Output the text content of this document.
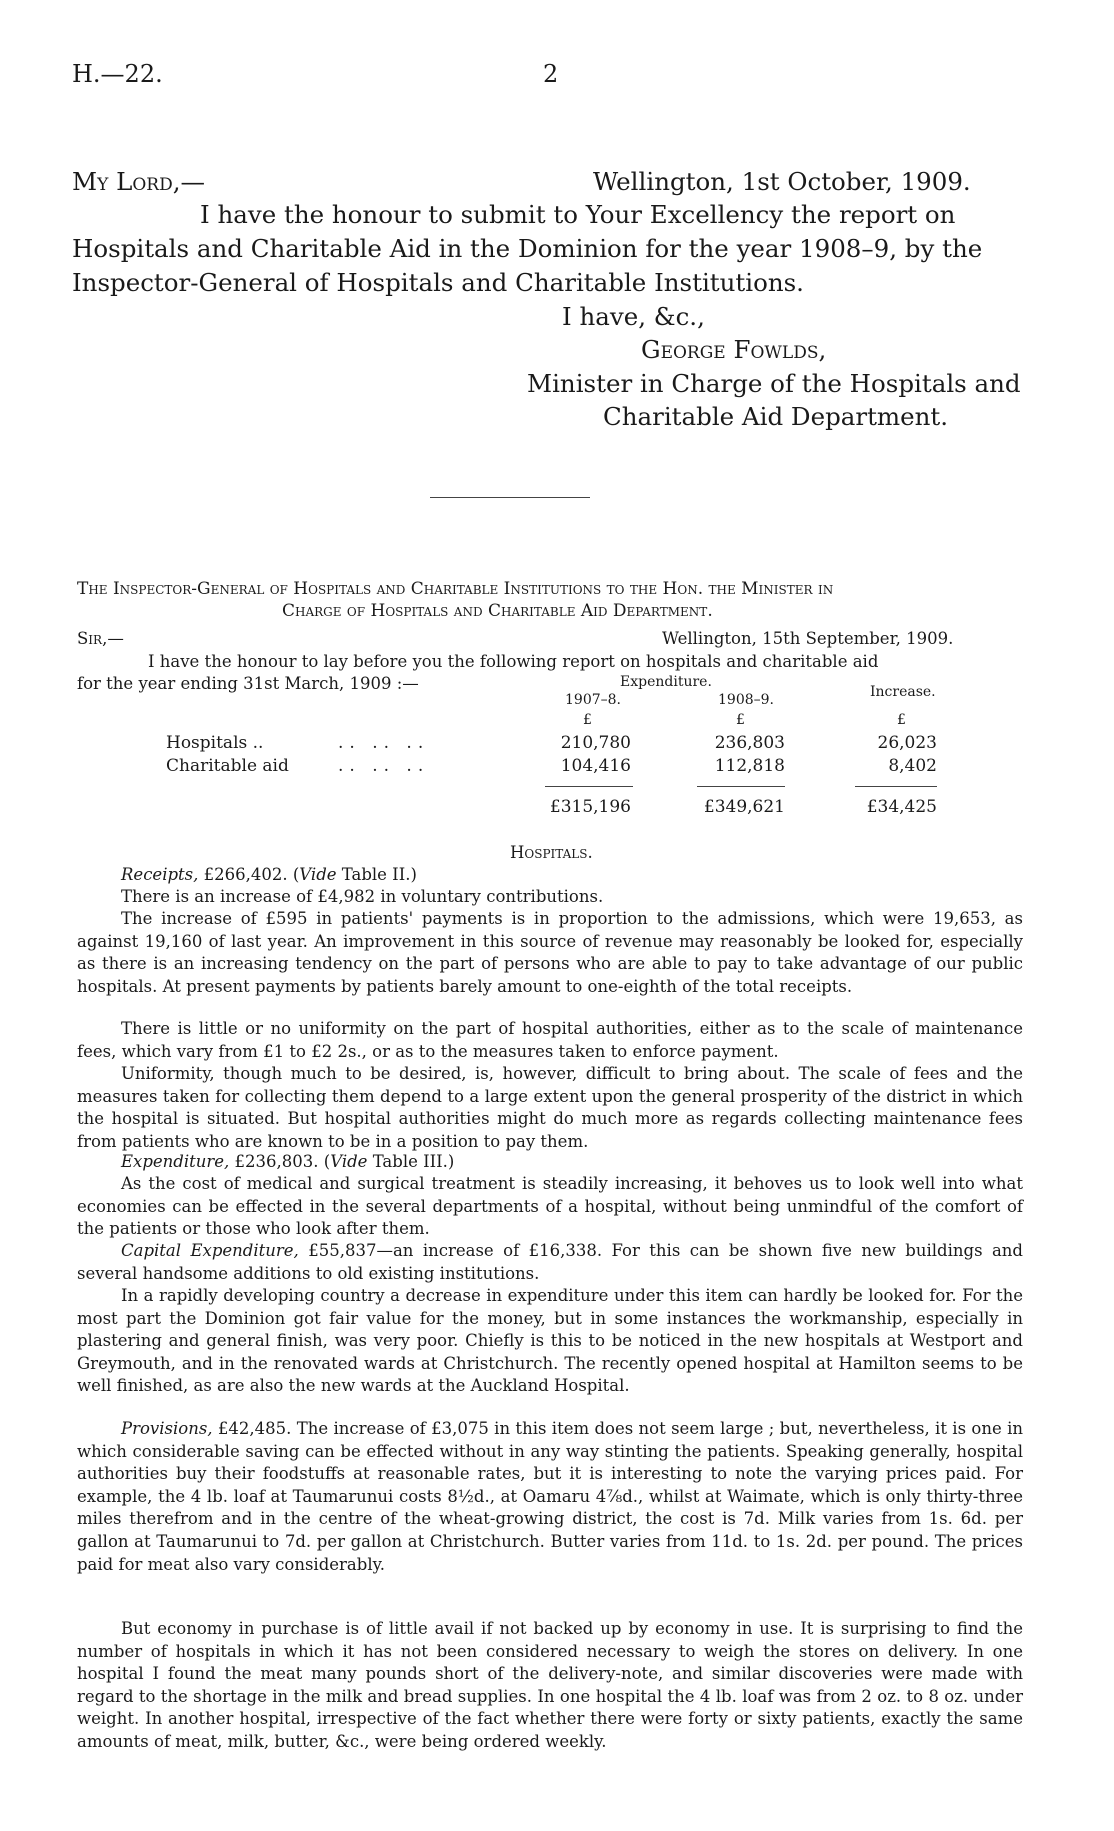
H.—22.	2
My Lord,—	Wellington, 1st October, 1909.
I have the honour to submit to Your Excellency the report on
Hospitals and Charitable Aid in the Dominion for the year 1908–9, by the
Inspector-General of Hospitals and Charitable Institutions.
I have, &c.,
George Fowlds,
Minister in Charge of the Hospitals and
Charitable Aid Department.
The Inspector-General of Hospitals and Charitable Institutions to the Hon. the Minister in
Charge of Hospitals and Charitable Aid Department.
Sir,—	Wellington, 15th September, 1909.
I have the honour to lay before you the following report on hospitals and charitable aid
for the year ending 31st March, 1909 :—	Expenditure.
1907–8.	1908–9.	Increase.
£	£	£
Hospitals ..	.. .. ..	210,780	236,803	26,023
Charitable aid	.. .. ..	104,416	112,818	8,402
£315,196	£349,621	£34,425
Hospitals.
Receipts, £266,402. (Vide Table II.)
There is an increase of £4,982 in voluntary contributions.
The increase of £595 in patients' payments is in proportion to the admissions, which were 19,653, as against 19,160 of last year. An improvement in this source of revenue may reasonably be looked for, especially as there is an increasing tendency on the part of persons who are able to pay to take advantage of our public hospitals. At present payments by patients barely amount to one-eighth of the total receipts.
There is little or no uniformity on the part of hospital authorities, either as to the scale of maintenance fees, which vary from £1 to £2 2s., or as to the measures taken to enforce payment.
Uniformity, though much to be desired, is, however, difficult to bring about. The scale of fees and the measures taken for collecting them depend to a large extent upon the general prosperity of the district in which the hospital is situated. But hospital authorities might do much more as regards collecting maintenance fees from patients who are known to be in a position to pay them.
Expenditure, £236,803. (Vide Table III.)
As the cost of medical and surgical treatment is steadily increasing, it behoves us to look well into what economies can be effected in the several departments of a hospital, without being unmindful of the comfort of the patients or those who look after them.
Capital Expenditure, £55,837—an increase of £16,338. For this can be shown five new buildings and several handsome additions to old existing institutions.
In a rapidly developing country a decrease in expenditure under this item can hardly be looked for. For the most part the Dominion got fair value for the money, but in some instances the workmanship, especially in plastering and general finish, was very poor. Chiefly is this to be noticed in the new hospitals at Westport and Greymouth, and in the renovated wards at Christchurch. The recently opened hospital at Hamilton seems to be well finished, as are also the new wards at the Auckland Hospital.
Provisions, £42,485. The increase of £3,075 in this item does not seem large ; but, nevertheless, it is one in which considerable saving can be effected without in any way stinting the patients. Speaking generally, hospital authorities buy their foodstuffs at reasonable rates, but it is interesting to note the varying prices paid. For example, the 4 lb. loaf at Taumarunui costs 8½d., at Oamaru 4⅞d., whilst at Waimate, which is only thirty-three miles therefrom and in the centre of the wheat-growing district, the cost is 7d. Milk varies from 1s. 6d. per gallon at Taumarunui to 7d. per gallon at Christchurch. Butter varies from 11d. to 1s. 2d. per pound. The prices paid for meat also vary considerably.
But economy in purchase is of little avail if not backed up by economy in use. It is surprising to find the number of hospitals in which it has not been considered necessary to weigh the stores on delivery. In one hospital I found the meat many pounds short of the delivery-note, and similar discoveries were made with regard to the shortage in the milk and bread supplies. In one hospital the 4 lb. loaf was from 2 oz. to 8 oz. under weight. In another hospital, irrespective of the fact whether there were forty or sixty patients, exactly the same amounts of meat, milk, butter, &c., were being ordered weekly.
